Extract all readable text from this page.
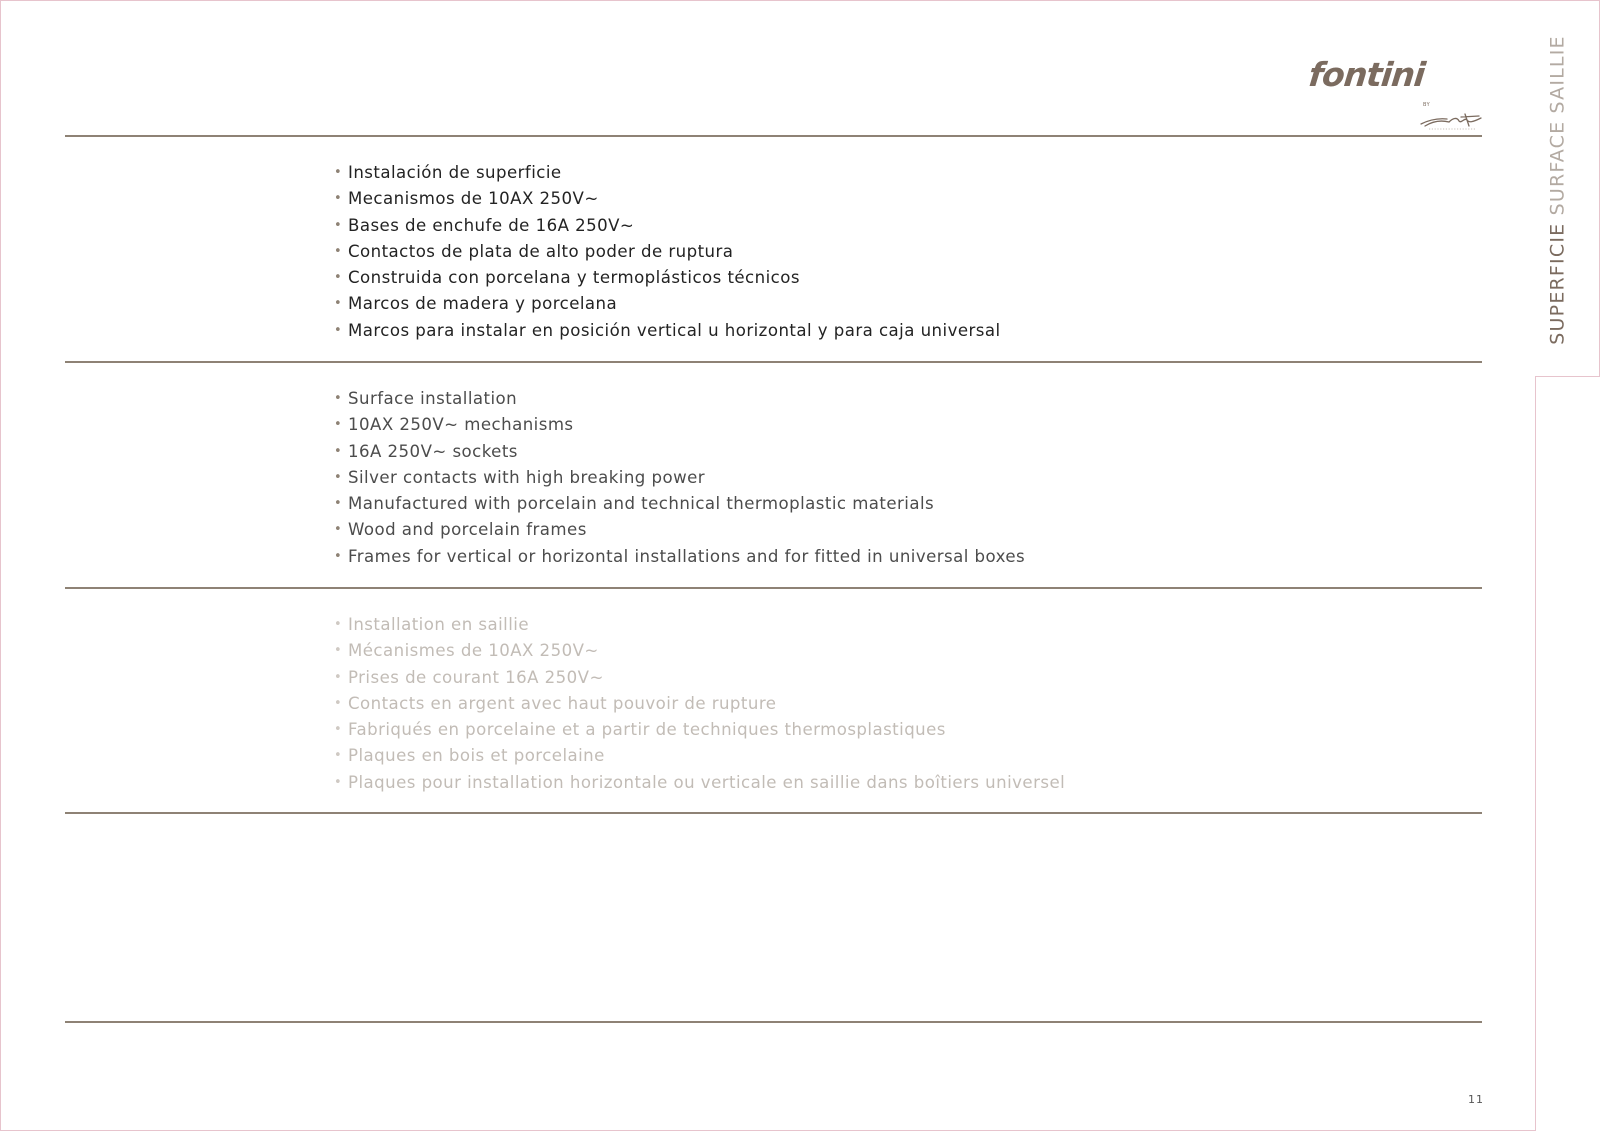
fontini
BY
SUPERFICIE SURFACE SAILLIE
• Instalación de superficie
• Mecanismos de 10AX 250V~
• Bases de enchufe de 16A 250V~
• Contactos de plata de alto poder de ruptura
• Construida con porcelana y termoplásticos técnicos
• Marcos de madera y porcelana
• Marcos para instalar en posición vertical u horizontal y para caja universal
• Surface installation
• 10AX 250V~ mechanisms
• 16A 250V~ sockets
• Silver contacts with high breaking power
• Manufactured with porcelain and technical thermoplastic materials
• Wood and porcelain frames
• Frames for vertical or horizontal installations and for fitted in universal boxes
• Installation en saillie
• Mécanismes de 10AX 250V~
• Prises de courant 16A 250V~
• Contacts en argent avec haut pouvoir de rupture
• Fabriqués en porcelaine et a partir de techniques thermosplastiques
• Plaques en bois et porcelaine
• Plaques pour installation horizontale ou verticale en saillie dans boîtiers universel
11
